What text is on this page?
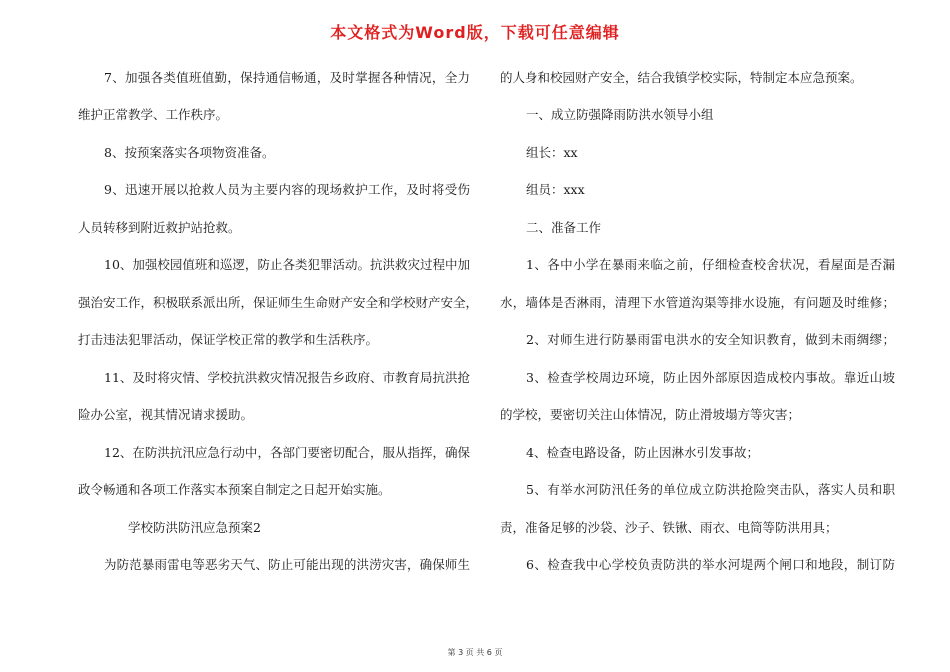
本文格式为Word版，下载可任意编辑
7、加强各类值班值勤，保持通信畅通，及时掌握各种情况，全力
维护正常教学、工作秩序。
8、按预案落实各项物资准备。
9、迅速开展以抢救人员为主要内容的现场救护工作，及时将受伤
人员转移到附近救护站抢救。
10、加强校园值班和巡逻，防止各类犯罪活动。抗洪救灾过程中加
强治安工作，积极联系派出所，保证师生生命财产安全和学校财产安全，
打击违法犯罪活动，保证学校正常的教学和生活秩序。
11、及时将灾情、学校抗洪救灾情况报告乡政府、市教育局抗洪抢
险办公室，视其情况请求援助。
12、在防洪抗汛应急行动中，各部门要密切配合，服从指挥，确保
政令畅通和各项工作落实本预案自制定之日起开始实施。
学校防洪防汛应急预案2
为防范暴雨雷电等恶劣天气、防止可能出现的洪涝灾害，确保师生
的人身和校园财产安全，结合我镇学校实际，特制定本应急预案。
一、成立防强降雨防洪水领导小组
组长：xx
组员：xxx
二、准备工作
1、各中小学在暴雨来临之前，仔细检查校舍状况，看屋面是否漏
水，墙体是否淋雨，清理下水管道沟渠等排水设施，有问题及时维修；
2、对师生进行防暴雨雷电洪水的安全知识教育，做到未雨绸缪；
3、检查学校周边环境，防止因外部原因造成校内事故。靠近山坡
的学校，要密切关注山体情况，防止滑坡塌方等灾害；
4、检查电路设备，防止因淋水引发事故；
5、有举水河防汛任务的单位成立防洪抢险突击队，落实人员和职
责，准备足够的沙袋、沙子、铁锹、雨衣、电筒等防洪用具；
6、检查我中心学校负责防洪的举水河堤两个闸口和地段，制订防
第 3 页 共 6 页
